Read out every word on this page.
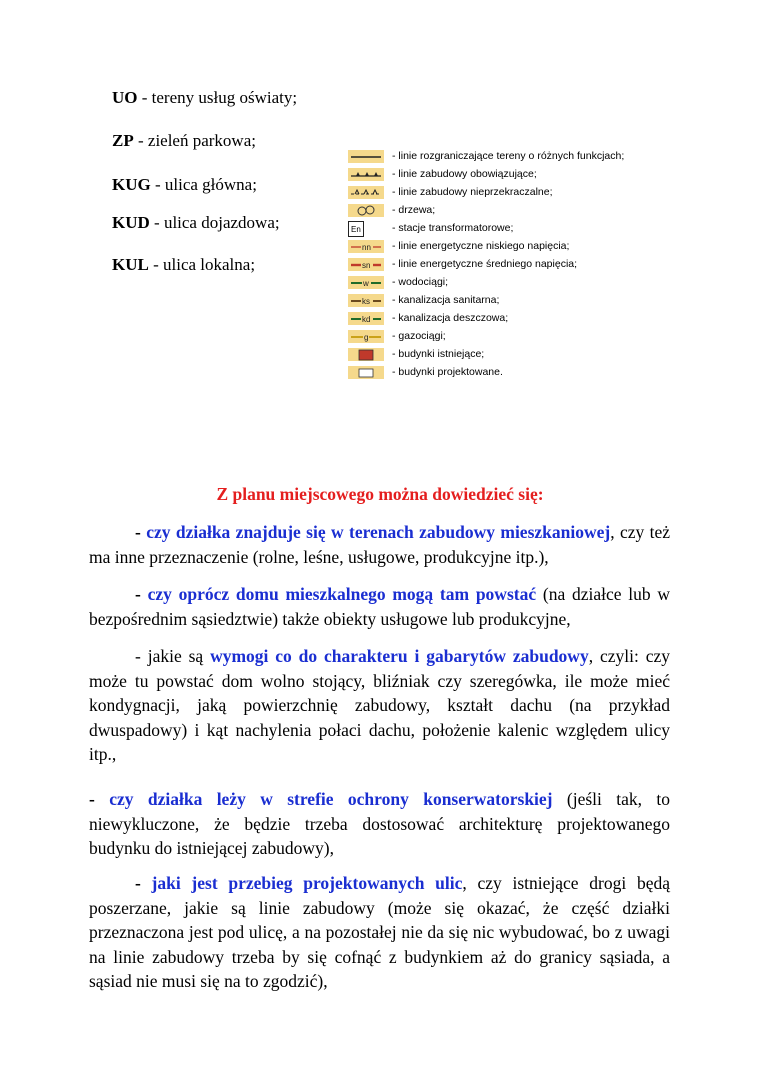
UO - tereny usług oświaty;
ZP - zieleń parkowa;
KUG - ulica główna;
KUD - ulica dojazdowa;
KUL - ulica lokalna;
- linie rozgraniczające tereny o różnych funkcjach;
- linie zabudowy obowiązujące;
- linie zabudowy nieprzekraczalne;
- drzewa;
En	- stacje transformatorowe;
nn - linie energetyczne niskiego napięcia;
sn - linie energetyczne średniego napięcia;
w - wodociągi;
ks - kanalizacja sanitarna;
kd - kanalizacja deszczowa;
g - gazociągi;
- budynki istniejące;
- budynki projektowane.
Z planu miejscowego można dowiedzieć się:
- czy działka znajduje się w terenach zabudowy mieszkaniowej, czy też ma inne przeznaczenie (rolne, leśne, usługowe, produkcyjne itp.),
- czy oprócz domu mieszkalnego mogą tam powstać (na działce lub w bezpośrednim sąsiedztwie) także obiekty usługowe lub produkcyjne,
- jakie są wymogi co do charakteru i gabarytów zabudowy, czyli: czy może tu powstać dom wolno stojący, bliźniak czy szeregówka, ile może mieć kondygnacji, jaką powierzchnię zabudowy, kształt dachu (na przykład dwuspadowy) i kąt nachylenia połaci dachu, położenie kalenic względem ulicy itp.,
- czy działka leży w strefie ochrony konserwatorskiej (jeśli tak, to niewykluczone, że będzie trzeba dostosować architekturę projektowanego budynku do istniejącej zabudowy),
- jaki jest przebieg projektowanych ulic, czy istniejące drogi będą poszerzane, jakie są linie zabudowy (może się okazać, że część działki przeznaczona jest pod ulicę, a na pozostałej nie da się nic wybudować, bo z uwagi na linie zabudowy trzeba by się cofnąć z budynkiem aż do granicy sąsiada, a sąsiad nie musi się na to zgodzić),
